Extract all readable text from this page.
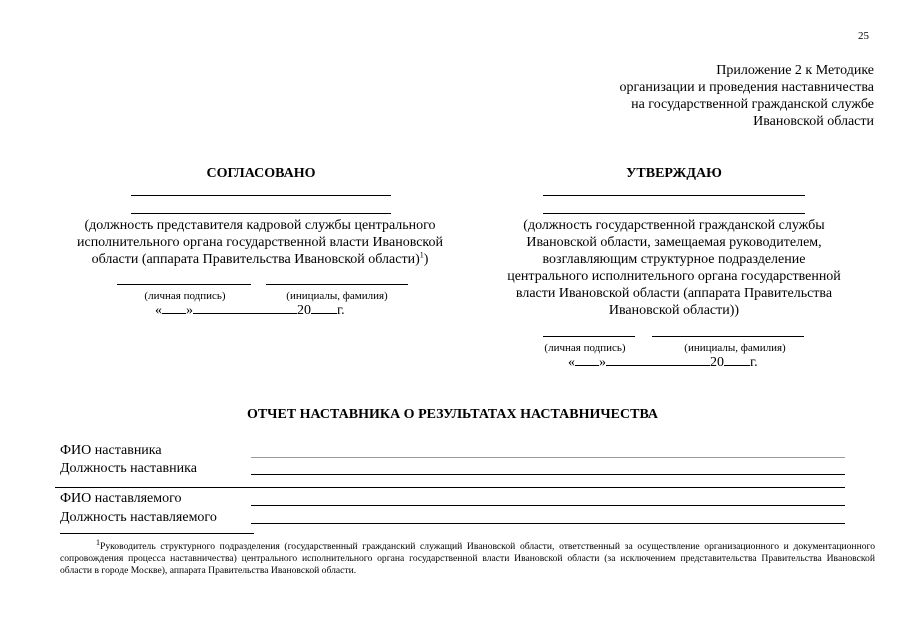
25
Приложение 2 к Методике
организации и проведения наставничества
на государственной гражданской службе
Ивановской области
СОГЛАСОВАНО
(должность представителя кадровой службы центрального
исполнительного органа государственной власти Ивановской
области (аппарата Правительства Ивановской области)$^1$)
(личная подпись)	(инициалы, фамилия)
« »	20 г.
УТВЕРЖДАЮ
(должность государственной гражданской службы
Ивановской области, замещаемая руководителем,
возглавляющим структурное подразделение
центрального исполнительного органа государственной
власти Ивановской области (аппарата Правительства
Ивановской области))
(личная подпись)	(инициалы, фамилия)
« »	20 г.
ОТЧЕТ НАСТАВНИКА О РЕЗУЛЬТАТАХ НАСТАВНИЧЕСТВА
ФИО наставника
Должность наставника
ФИО наставляемого
Должность наставляемого
$^1$Руководитель структурного подразделения (государственный гражданский служащий Ивановской области, ответственный за осуществление организационного и документационного сопровождения процесса наставничества) центрального исполнительного органа государственной власти Ивановской области (за исключением представительства Правительства Ивановской области в городе Москве), аппарата Правительства Ивановской области.
